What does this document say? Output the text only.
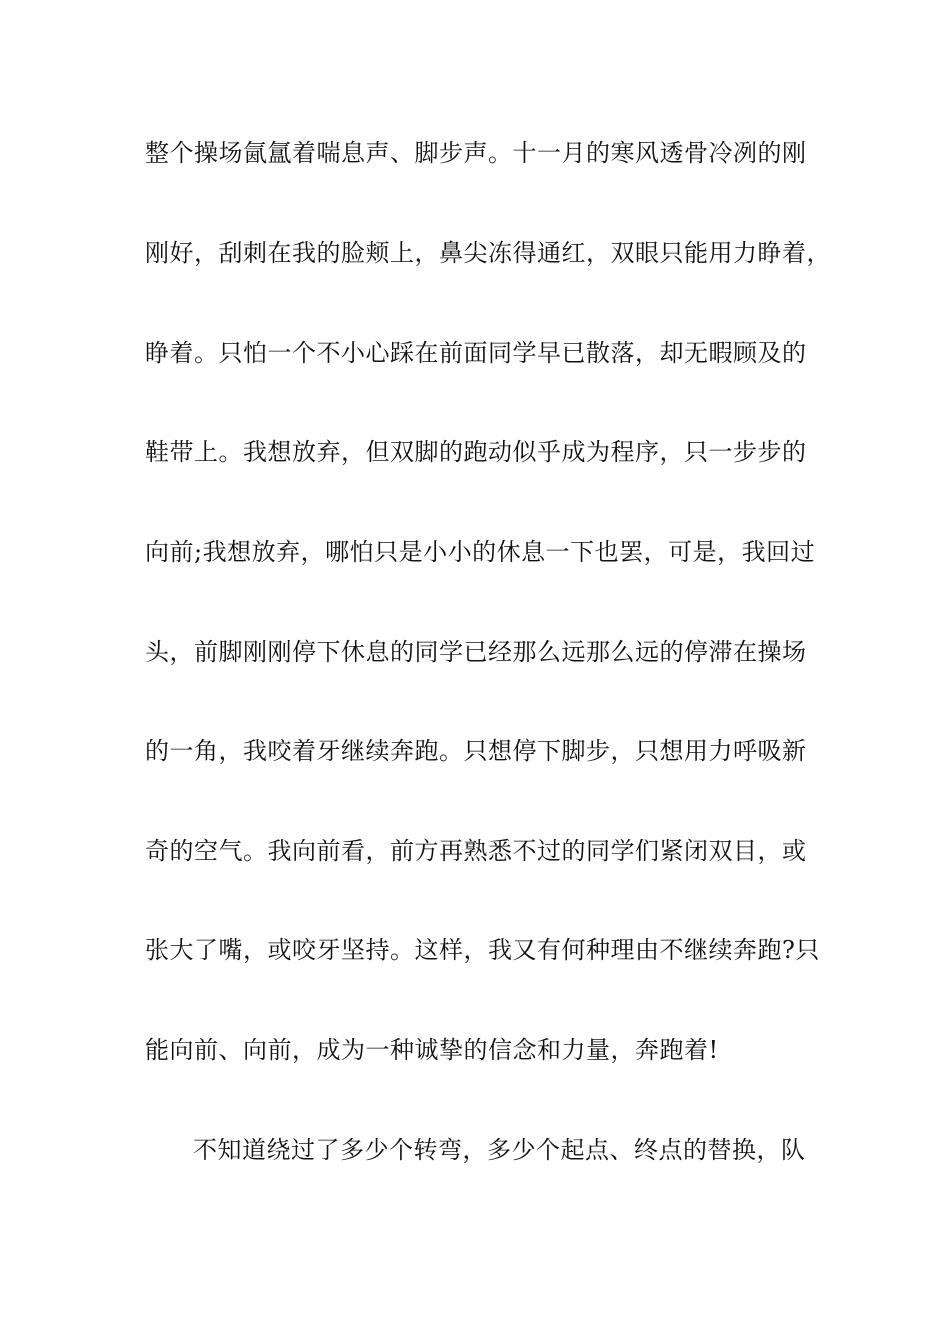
整个操场氤氲着喘息声、脚步声。十一月的寒风透骨冷冽的刚
刚好，刮刺在我的脸颊上，鼻尖冻得通红，双眼只能用力睁着，
睁着。只怕一个不小心踩在前面同学早已散落，却无暇顾及的
鞋带上。我想放弃，但双脚的跑动似乎成为程序，只一步步的
向前;我想放弃，哪怕只是小小的休息一下也罢，可是，我回过
头，前脚刚刚停下休息的同学已经那么远那么远的停滞在操场
的一角，我咬着牙继续奔跑。只想停下脚步，只想用力呼吸新
奇的空气。我向前看，前方再熟悉不过的同学们紧闭双目，或
张大了嘴，或咬牙坚持。这样，我又有何种理由不继续奔跑?只
能向前、向前，成为一种诚挚的信念和力量，奔跑着!
不知道绕过了多少个转弯，多少个起点、终点的替换，队
